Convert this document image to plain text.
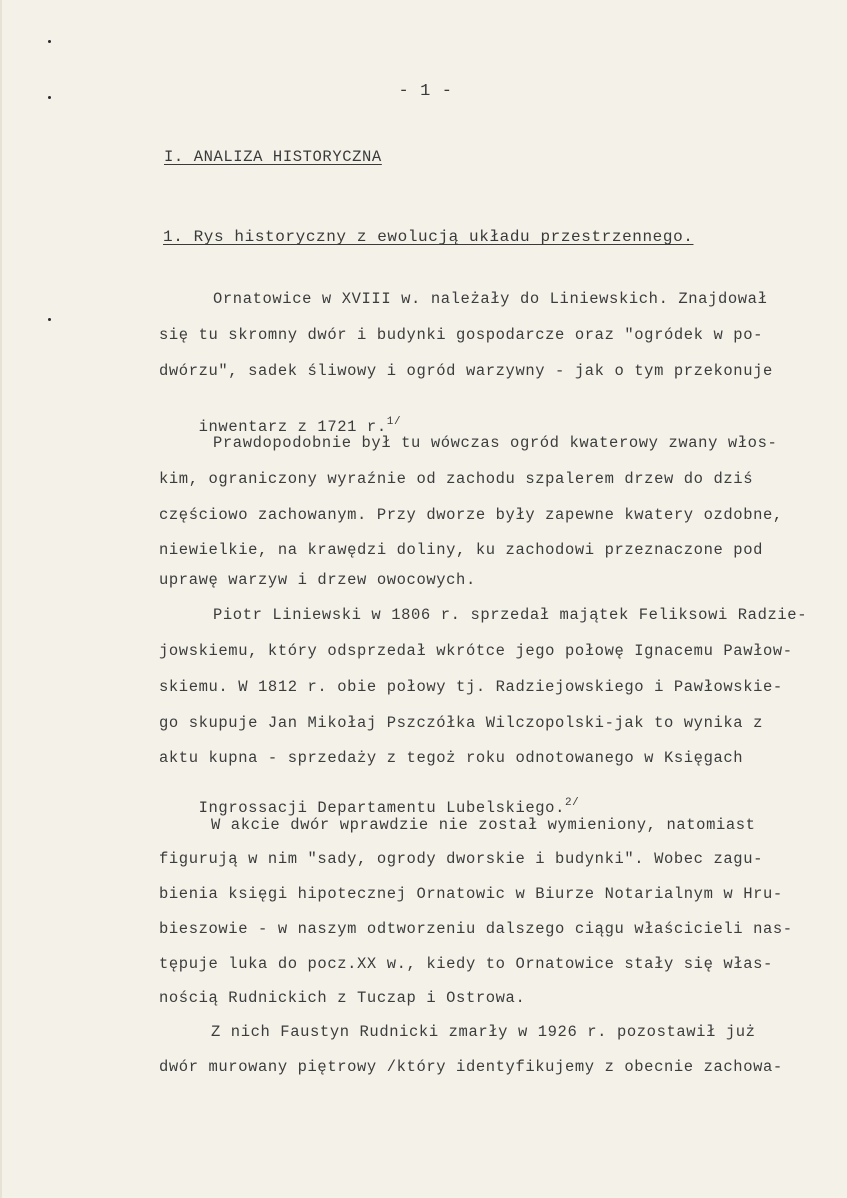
- 1 -
I. ANALIZA HISTORYCZNA
1. Rys historyczny z ewolucją układu przestrzennego.
Ornatowice w XVIII w. należały do Liniewskich. Znajdował
się tu skromny dwór i budynki gospodarcze oraz "ogródek w po-
dwórzu", sadek śliwowy i ogród warzywny - jak o tym przekonuje

inwentarz z 1721 r.$^{1/}$

Prawdopodobnie był tu wówczas ogród kwaterowy zwany włos-
kim, ograniczony wyraźnie od zachodu szpalerem drzew do dziś
częściowo zachowanym. Przy dworze były zapewne kwatery ozdobne,
niewielkie, na krawędzi doliny, ku zachodowi przeznaczone pod
uprawę warzyw i drzew owocowych.
Piotr Liniewski w 1806 r. sprzedał majątek Feliksowi Radzie-
jowskiemu, który odsprzedał wkrótce jego połowę Ignacemu Pawłow-
skiemu. W 1812 r. obie połowy tj. Radziejowskiego i Pawłowskie-
go skupuje Jan Mikołaj Pszczółka Wilczopolski-jak to wynika z
aktu kupna - sprzedaży z tegoż roku odnotowanego w Księgach

Ingrossacji Departamentu Lubelskiego.$^{2/}$

W akcie dwór wprawdzie nie został wymieniony, natomiast
figurują w nim "sady, ogrody dworskie i budynki". Wobec zagu-
bienia księgi hipotecznej Ornatowic w Biurze Notarialnym w Hru-
bieszowie - w naszym odtworzeniu dalszego ciągu właścicieli nas-
tępuje luka do pocz.XX w., kiedy to Ornatowice stały się włas-
nością Rudnickich z Tuczap i Ostrowa.
Z nich Faustyn Rudnicki zmarły w 1926 r. pozostawił już
dwór murowany piętrowy /który identyfikujemy z obecnie zachowa-
